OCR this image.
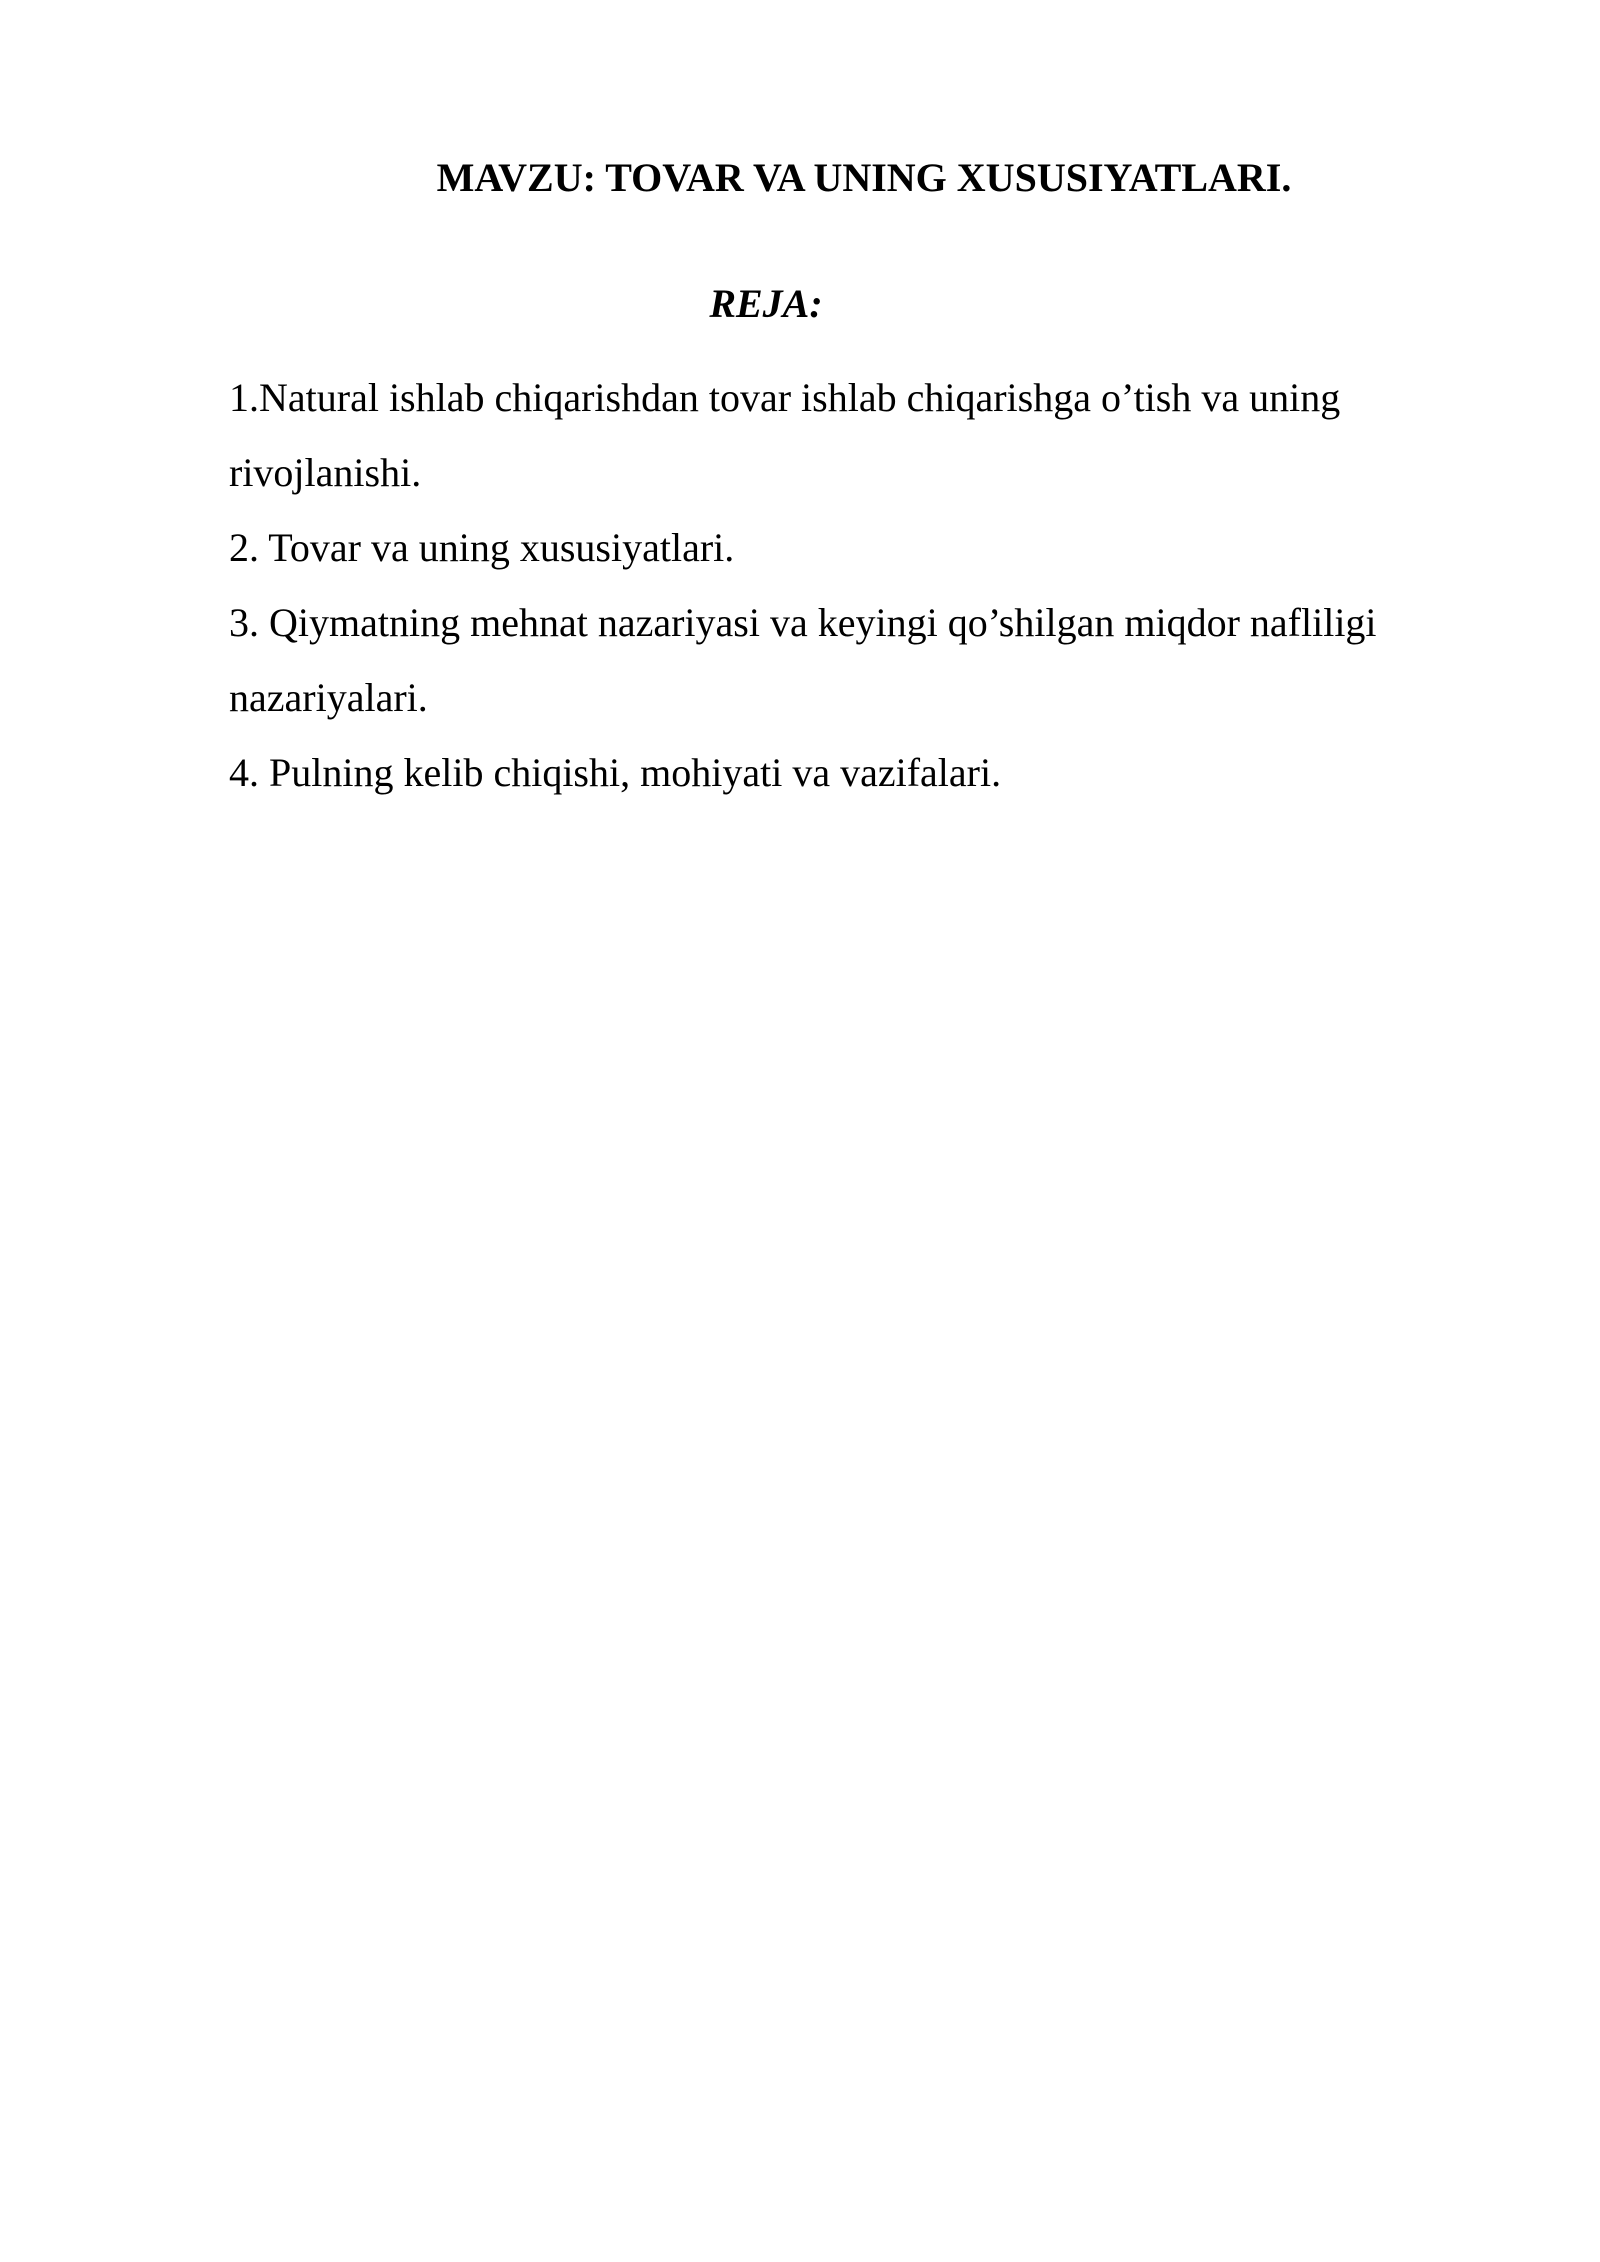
MAVZU: TOVAR VA UNING XUSUSIYATLARI.
REJA:

1.Natural ishlab chiqarishdan tovar ishlab chiqarishga o’tish va uning rivojlanishi.

2. Tovar va uning xususiyatlari.

3. Qiymatning mehnat nazariyasi va keyingi qo’shilgan miqdor nafliligi nazariyalari.

4. Pulning kelib chiqishi, mohiyati va vazifalari.
